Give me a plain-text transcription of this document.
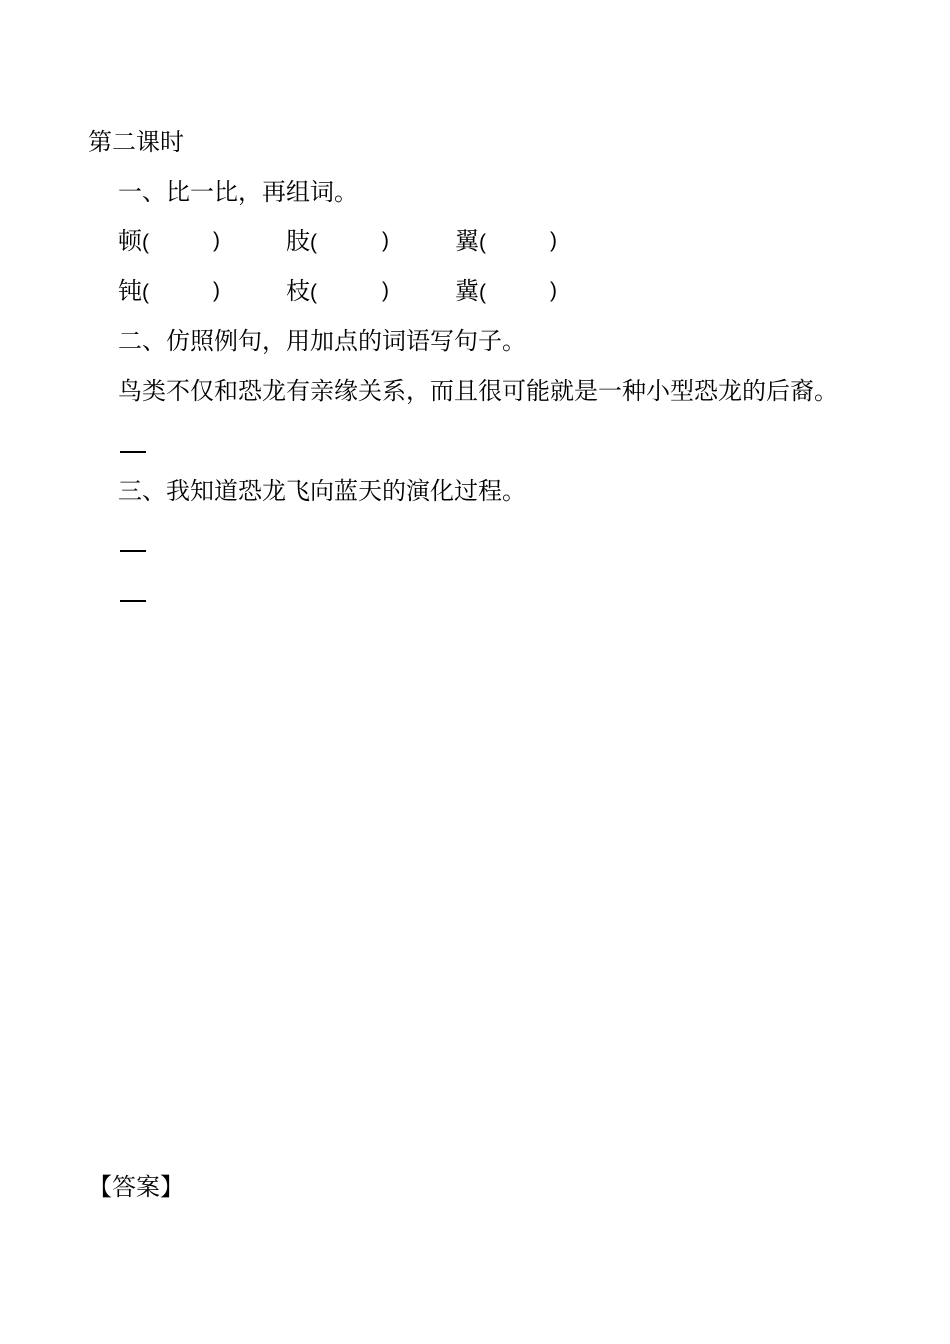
第二课时
一、比一比，再组词。
顿(	)	肢(	)	翼(	)
钝(	)	枝(	)	冀(	)
二、仿照例句，用加点的词语写句子。
鸟类不仅和恐龙有亲缘关系，而且很可能就是一种小型恐龙的后裔。
三、我知道恐龙飞向蓝天的演化过程。
【答案】
